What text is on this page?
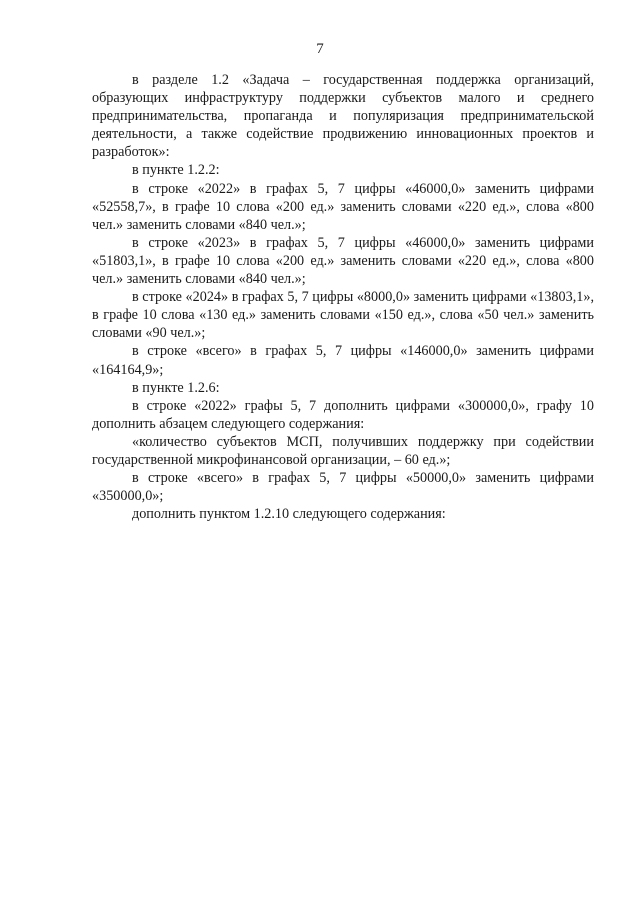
7

в разделе 1.2 «Задача – государственная поддержка организаций, образующих инфраструктуру поддержки субъектов малого и среднего предпринимательства, пропаганда и популяризация предпринимательской деятельности, а также содействие продвижению инновационных проектов и разработок»:

в пункте 1.2.2:

в строке «2022» в графах 5, 7 цифры «46000,0» заменить цифрами «52558,7», в графе 10 слова «200 ед.» заменить словами «220 ед.», слова «800 чел.» заменить словами «840 чел.»;

в строке «2023» в графах 5, 7 цифры «46000,0» заменить цифрами «51803,1», в графе 10 слова «200 ед.» заменить словами «220 ед.», слова «800 чел.» заменить словами «840 чел.»;

в строке «2024» в графах 5, 7 цифры «8000,0» заменить цифрами «13803,1», в графе 10 слова «130 ед.» заменить словами «150 ед.», слова «50 чел.» заменить словами «90 чел.»;

в строке «всего» в графах 5, 7 цифры «146000,0» заменить цифрами «164164,9»;

в пункте 1.2.6:

в строке «2022» графы 5, 7 дополнить цифрами «300000,0», графу 10 дополнить абзацем следующего содержания:

«количество субъектов МСП, получивших поддержку при содействии государственной микрофинансовой организации, – 60 ед.»;

в строке «всего» в графах 5, 7 цифры «50000,0» заменить цифрами «350000,0»;

дополнить пунктом 1.2.10 следующего содержания:
